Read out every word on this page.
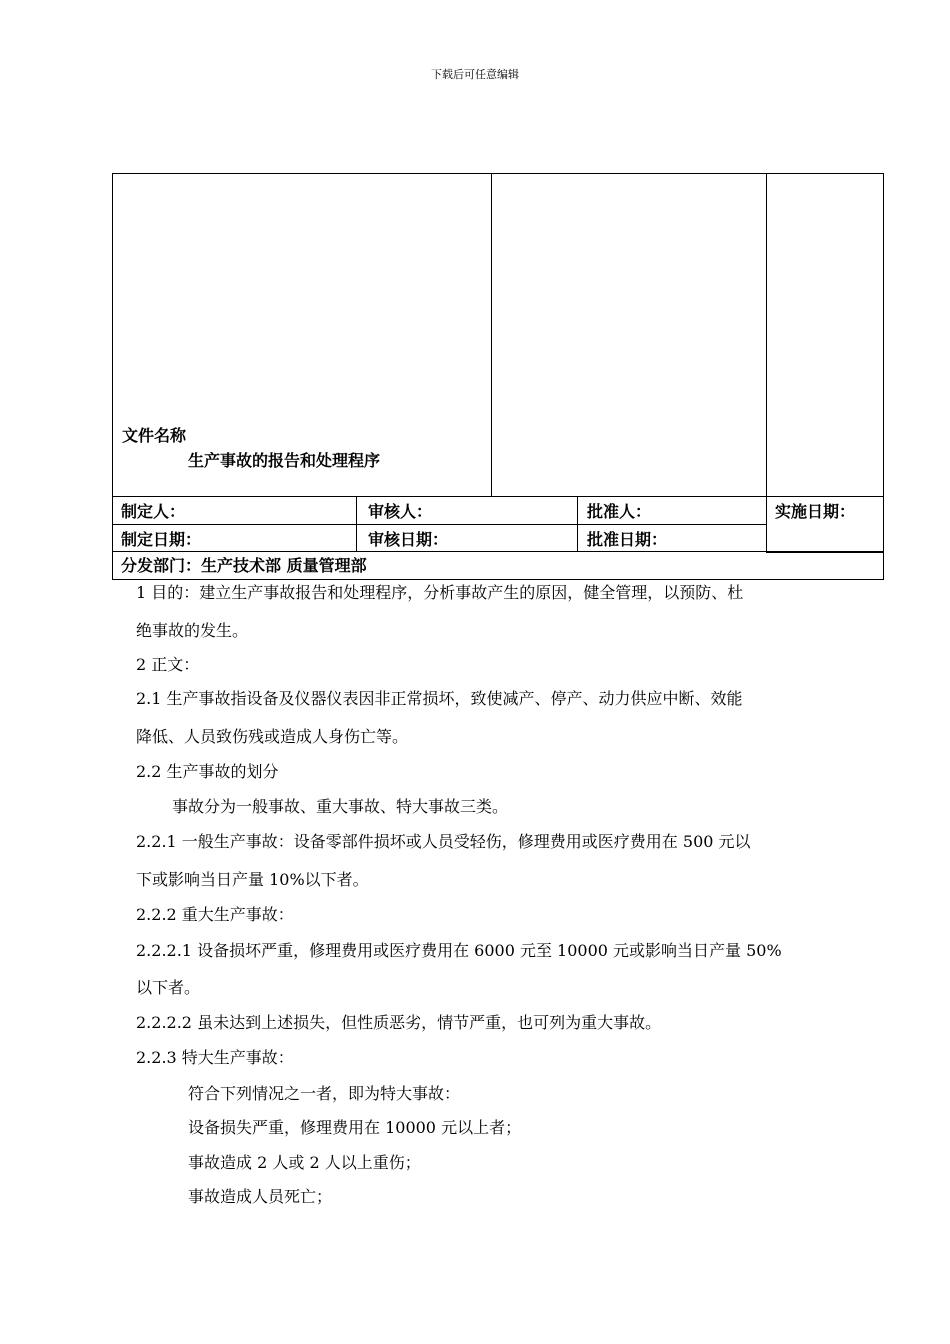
下载后可任意编辑
文件名称
生产事故的报告和处理程序
制定人：	审核人：	批准人：	实施日期：
制定日期：	审核日期：	批准日期：
分发部门：生产技术部 质量管理部
1 目的：建立生产事故报告和处理程序，分析事故产生的原因，健全管理，以预防、杜
绝事故的发生。
2 正文：
2.1 生产事故指设备及仪器仪表因非正常损坏，致使减产、停产、动力供应中断、效能
降低、人员致伤残或造成人身伤亡等。
2.2 生产事故的划分
事故分为一般事故、重大事故、特大事故三类。
2.2.1 一般生产事故：设备零部件损坏或人员受轻伤，修理费用或医疗费用在 500 元以
下或影响当日产量 10%以下者。
2.2.2 重大生产事故：
2.2.2.1 设备损坏严重，修理费用或医疗费用在 6000 元至 10000 元或影响当日产量 50%
以下者。
2.2.2.2 虽未达到上述损失，但性质恶劣，情节严重，也可列为重大事故。
2.2.3 特大生产事故：
符合下列情况之一者，即为特大事故：
设备损失严重，修理费用在 10000 元以上者；
事故造成 2 人或 2 人以上重伤；
事故造成人员死亡；
